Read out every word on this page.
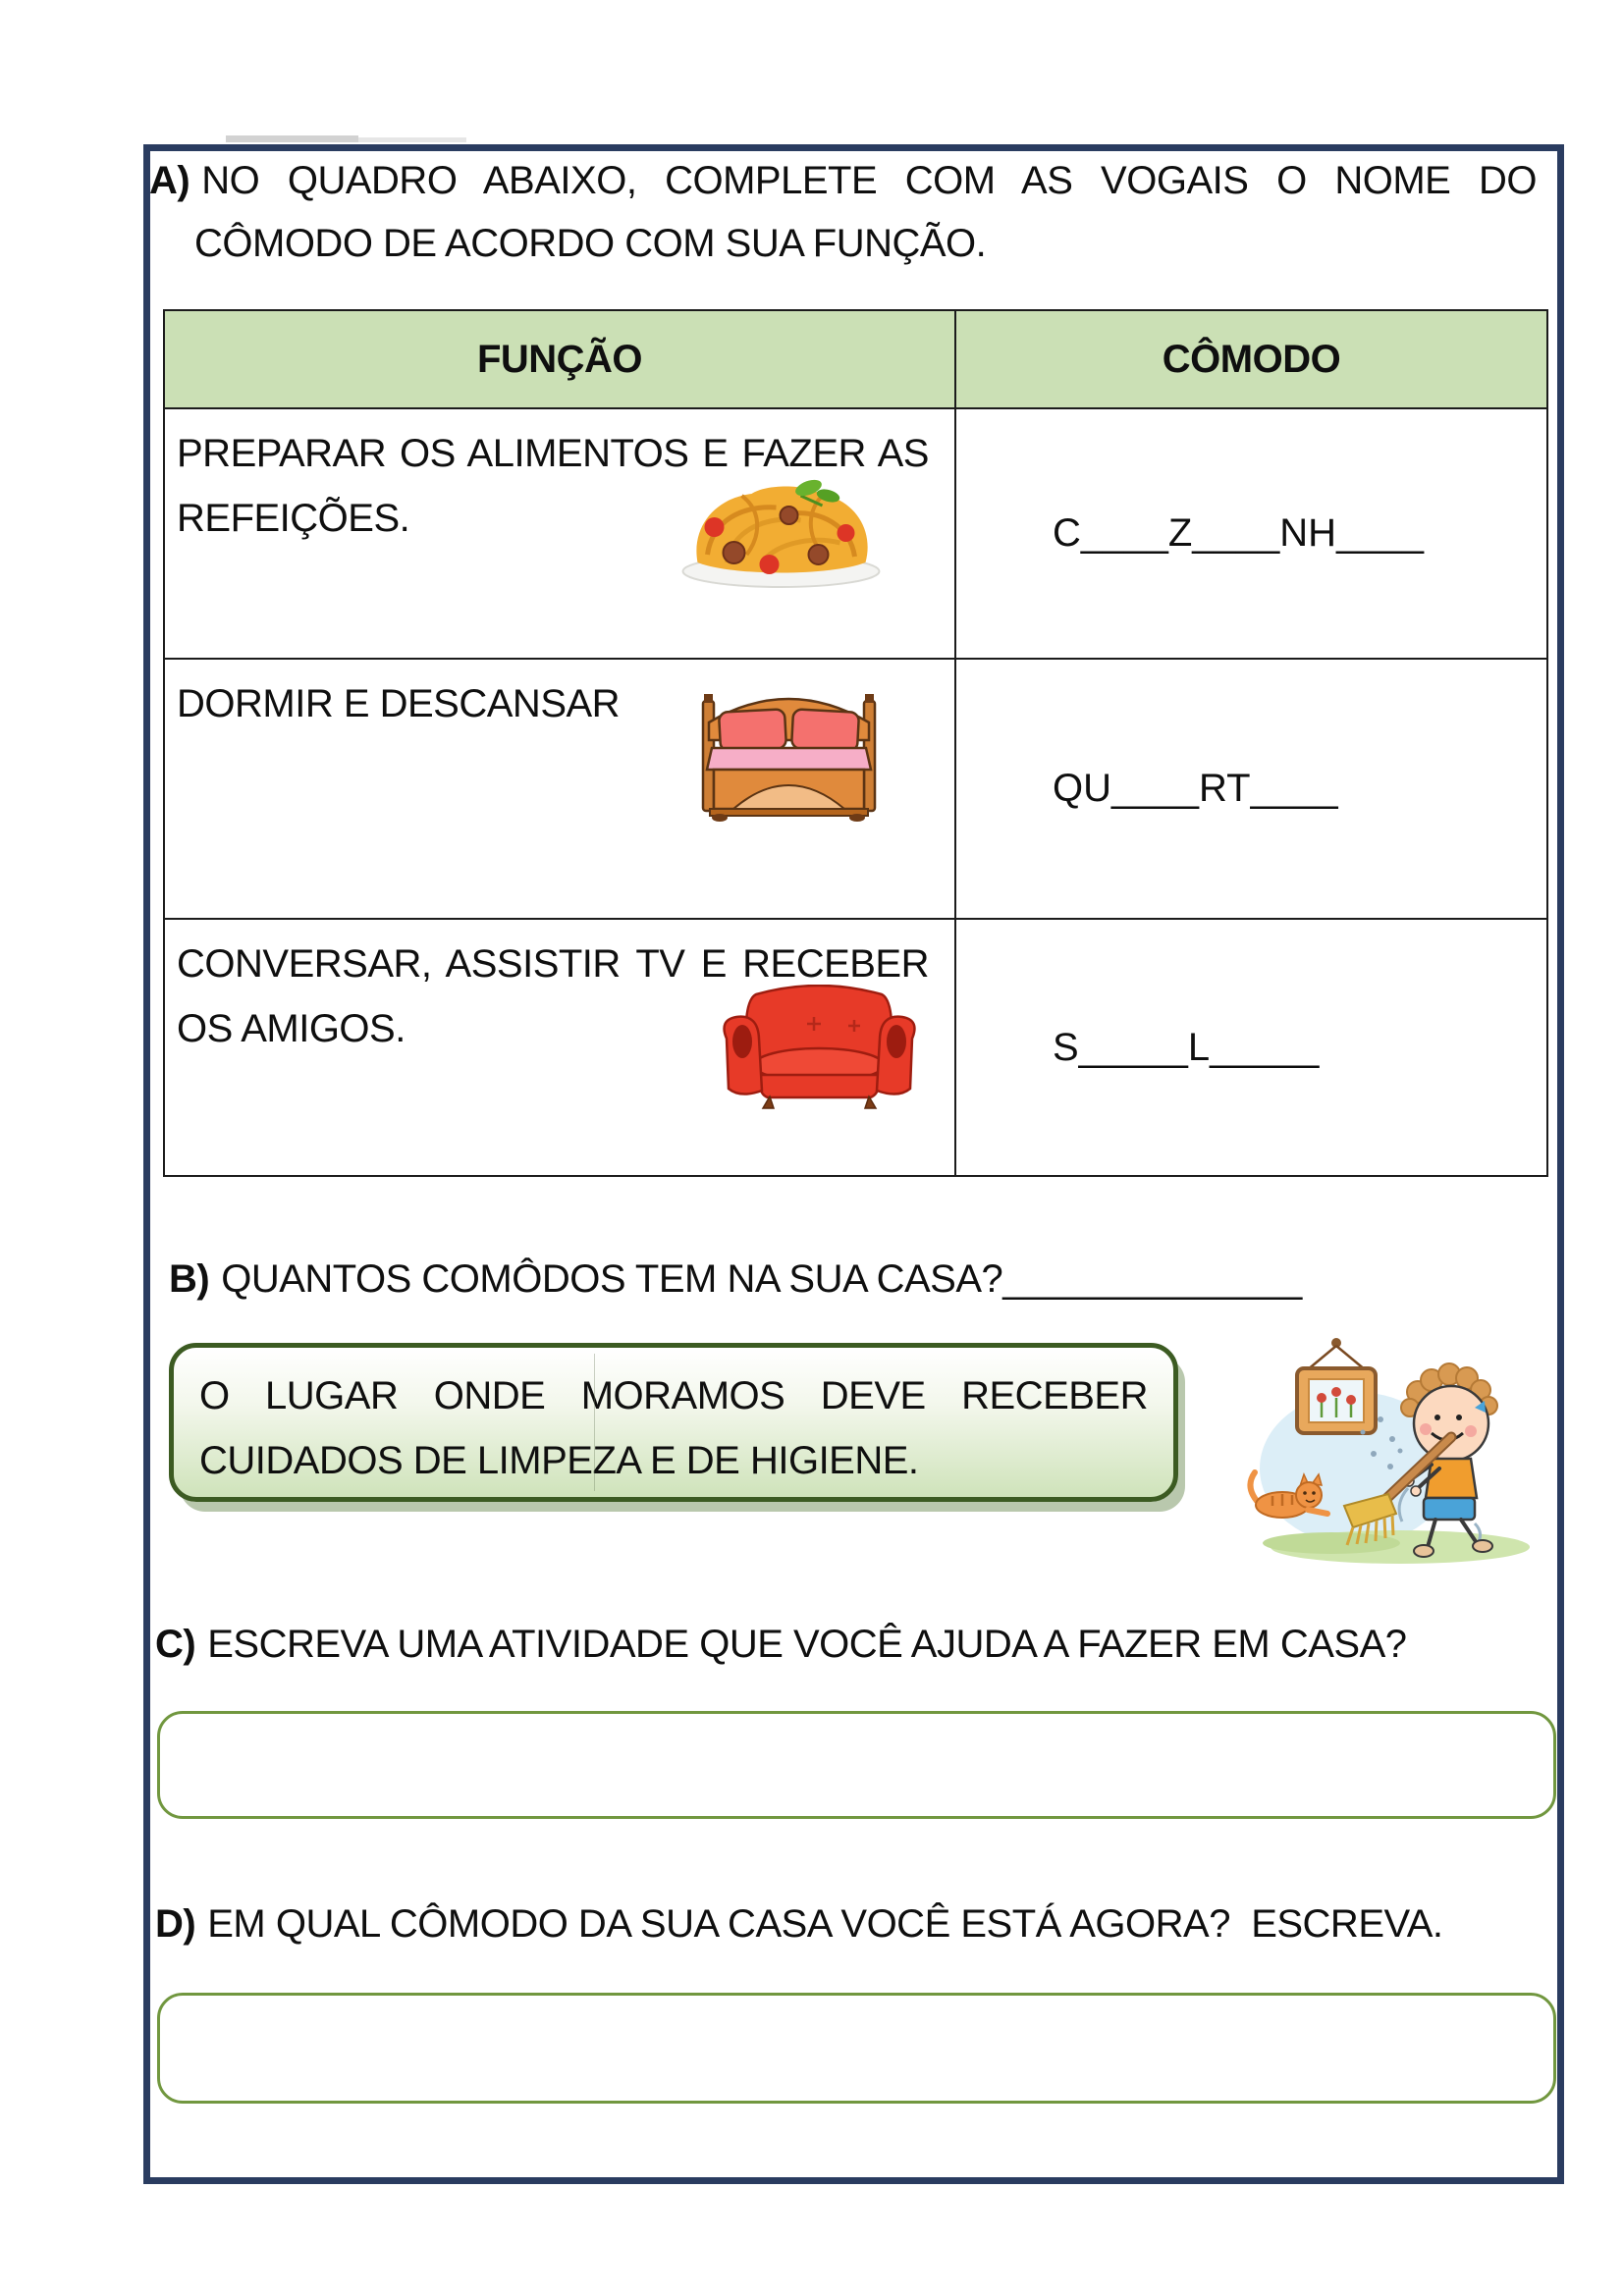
A) NO QUADRO ABAIXO, COMPLETE COM AS VOGAIS O NOME DO
CÔMODO DE ACORDO COM SUA FUNÇÃO.
FUNÇÃO	CÔMODO

PREPARAR OS ALIMENTOS E FAZER AS
REFEIÇÕES.	C____Z____NH____

DORMIR E DESCANSAR	QU____RT____

CONVERSAR, ASSISTIR TV E RECEBER
OS AMIGOS.	S_____L_____
B) QUANTOS COMÔDOS TEM NA SUA CASA?______________
O LUGAR ONDE MORAMOS DEVE RECEBER
CUIDADOS DE LIMPEZA E DE HIGIENE.
C) ESCREVA UMA ATIVIDADE QUE VOCÊ AJUDA A FAZER EM CASA?
D) EM QUAL CÔMODO DA SUA CASA VOCÊ ESTÁ AGORA?  ESCREVA.
